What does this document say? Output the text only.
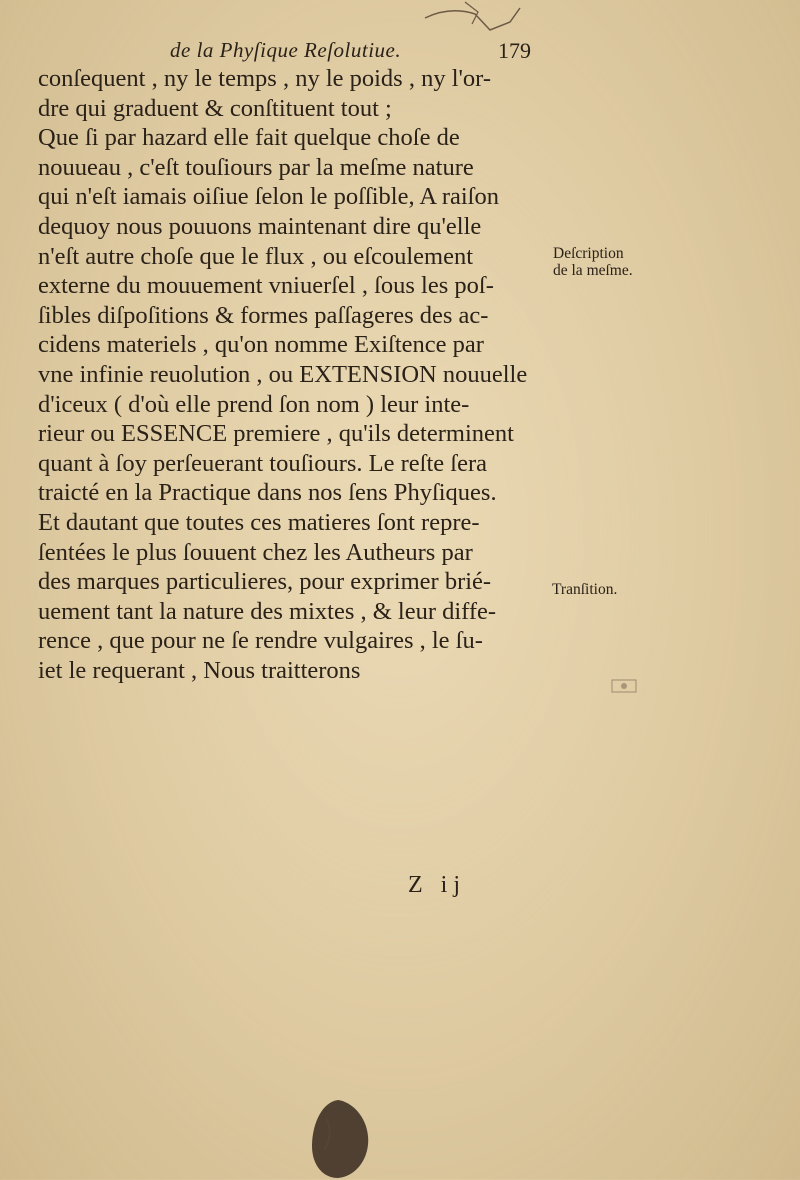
de la Phyſique Reſolutiue.	179
conſequent , ny le temps , ny le poids , ny l'or-
dre qui graduent & conſtituent tout ;
Que ſi par hazard elle fait quelque choſe de
nouueau , c'eſt touſiours par la meſme nature
qui n'eſt iamais oiſiue ſelon le poſſible, A raiſon
dequoy nous pouuons maintenant dire qu'elle
n'eſt autre choſe que le flux , ou eſcoulement
externe du mouuement vniuerſel , ſous les poſ-
ſibles diſpoſitions & formes paſſageres des ac-
cidens materiels , qu'on nomme Exiſtence par
vne infinie reuolution , ou EXTENSION nouuelle
d'iceux ( d'où elle prend ſon nom ) leur inte-
rieur ou ESSENCE premiere , qu'ils determinent
quant à ſoy perſeuerant touſiours. Le reſte ſera
traicté en la Practique dans nos ſens Phyſiques.
Et dautant que toutes ces matieres ſont repre-
ſentées le plus ſouuent chez les Autheurs par
des marques particulieres, pour exprimer brié-
uement tant la nature des mixtes , & leur diffe-
rence , que pour ne ſe rendre vulgaires , le ſu-
iet le requerant , Nous traitterons
Deſcription
de la meſme.
Tranſition.
Z ij
